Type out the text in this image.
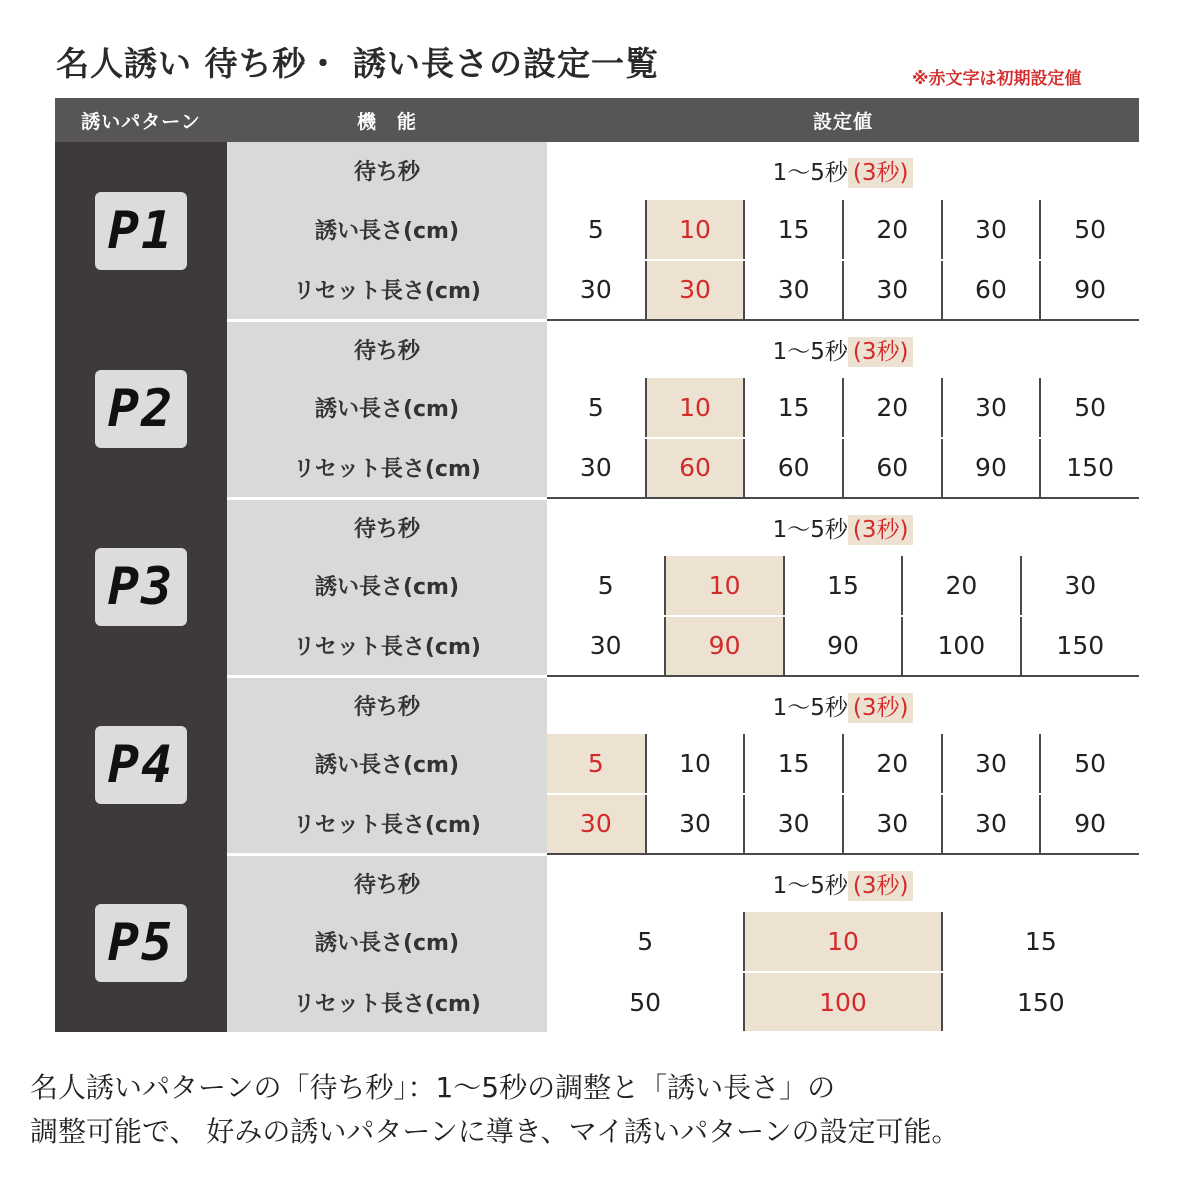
名人誘い 待ち秒・ 誘い長さの設定一覧	※赤文字は初期設定値
誘いパターン	機　能	設定値
P1	待ち秒	1〜5秒 (3秒)

誘い長さ(cm)		5	10	15	20	30	50

リセット長さ(cm)		30	30	30	30	60	90

P2	待ち秒	1〜5秒 (3秒)

誘い長さ(cm)		5	10	15	20	30	50

リセット長さ(cm)		30	60	60	60	90	150

P3	待ち秒	1〜5秒 (3秒)

誘い長さ(cm)		5	10	15	20	30

リセット長さ(cm)		30	90	90	100	150

P4	待ち秒	1〜5秒 (3秒)

誘い長さ(cm)		5	10	15	20	30	50

リセット長さ(cm)		30	30	30	30	30	90

P5	待ち秒	1〜5秒 (3秒)

誘い長さ(cm)		5	10	15

リセット長さ(cm)		50	100	150
名人誘いパターンの「待ち秒」：1〜5秒の調整と「誘い長さ」の
調整可能で、 好みの誘いパターンに導き、マイ誘いパターンの設定可能。
